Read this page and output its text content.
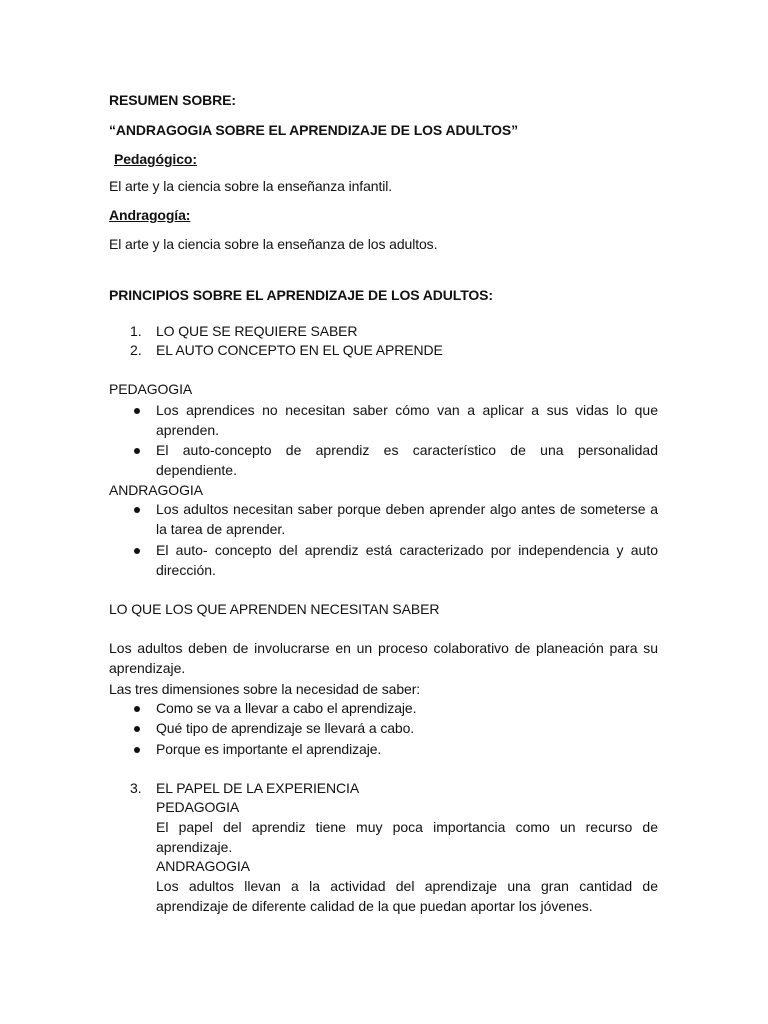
RESUMEN SOBRE:
“ANDRAGOGIA SOBRE EL APRENDIZAJE DE LOS ADULTOS”
Pedagógico:
El arte y la ciencia sobre la enseñanza infantil.
Andragogía:
El arte y la ciencia sobre la enseñanza de los adultos.
PRINCIPIOS SOBRE EL APRENDIZAJE DE LOS ADULTOS:
1. LO QUE SE REQUIERE SABER
2. EL AUTO CONCEPTO EN EL QUE APRENDE
PEDAGOGIA
Los aprendices no necesitan saber cómo van a aplicar a sus vidas lo que aprenden.
El auto-concepto de aprendiz es característico de una personalidad dependiente.
ANDRAGOGIA
Los adultos necesitan saber porque deben aprender algo antes de someterse a la tarea de aprender.
El auto- concepto del aprendiz está caracterizado por independencia y auto dirección.
LO QUE LOS QUE APRENDEN NECESITAN SABER
Los adultos deben de involucrarse en un proceso colaborativo de planeación para su aprendizaje.
Las tres dimensiones sobre la necesidad de saber:
Como se va a llevar a cabo el aprendizaje.
Qué tipo de aprendizaje se llevará a cabo.
Porque es importante el aprendizaje.
3. EL PAPEL DE LA EXPERIENCIA
PEDAGOGIA
El papel del aprendiz tiene muy poca importancia como un recurso de aprendizaje.
ANDRAGOGIA
Los adultos llevan a la actividad del aprendizaje una gran cantidad de aprendizaje de diferente calidad de la que puedan aportar los jóvenes.
